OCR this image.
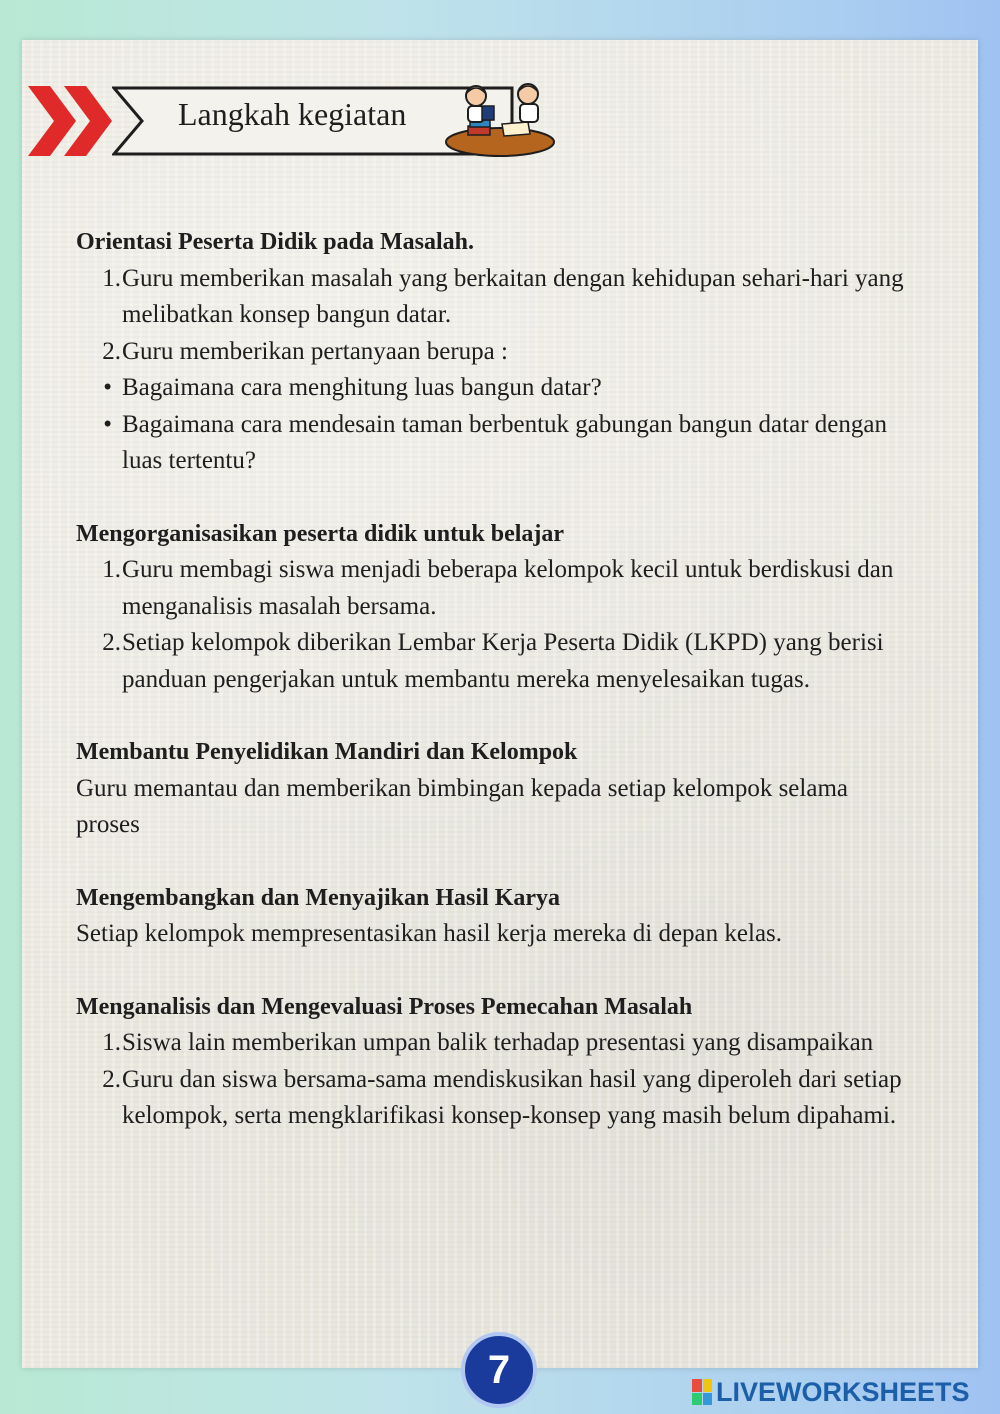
Langkah kegiatan
Orientasi Peserta Didik pada Masalah.
1. Guru memberikan masalah yang berkaitan dengan kehidupan sehari-hari yang melibatkan konsep bangun datar.
2. Guru memberikan pertanyaan berupa :
• Bagaimana cara menghitung luas bangun datar?
• Bagaimana cara mendesain taman berbentuk gabungan bangun datar dengan luas tertentu?
Mengorganisasikan peserta didik untuk belajar
1. Guru membagi siswa menjadi beberapa kelompok kecil untuk berdiskusi dan menganalisis masalah bersama.
2. Setiap kelompok diberikan Lembar Kerja Peserta Didik (LKPD) yang berisi panduan pengerjakan untuk membantu mereka menyelesaikan tugas.
Membantu Penyelidikan Mandiri dan Kelompok
Guru memantau dan memberikan bimbingan kepada setiap kelompok selama proses
Mengembangkan dan Menyajikan Hasil Karya
Setiap kelompok mempresentasikan hasil kerja mereka di depan kelas.
Menganalisis dan Mengevaluasi Proses Pemecahan Masalah
1. Siswa lain memberikan umpan balik terhadap presentasi yang disampaikan
2. Guru dan siswa bersama-sama mendiskusikan hasil yang diperoleh dari setiap kelompok, serta mengklarifikasi konsep-konsep yang masih belum dipahami.
7	LIVEWORKSHEETS
